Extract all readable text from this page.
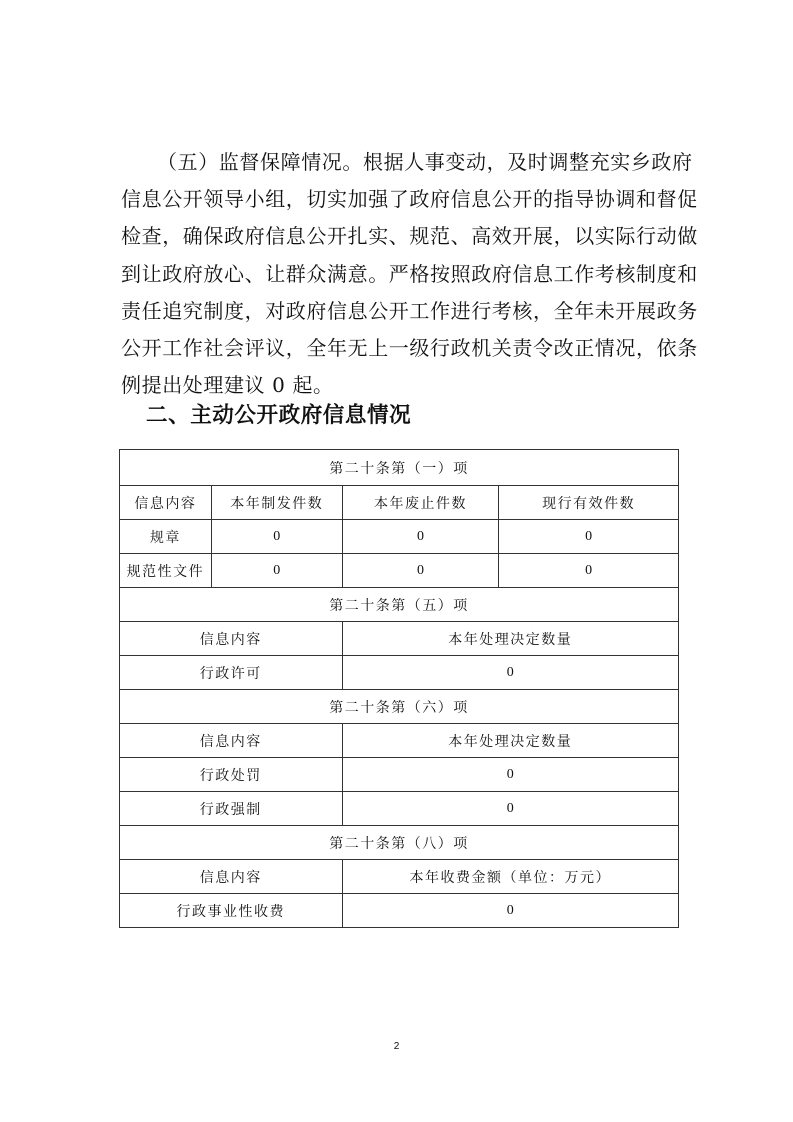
（五）监督保障情况。根据人事变动，及时调整充实乡政府
信息公开领导小组，切实加强了政府信息公开的指导协调和督促
检查，确保政府信息公开扎实、规范、高效开展，以实际行动做
到让政府放心、让群众满意。严格按照政府信息工作考核制度和
责任追究制度，对政府信息公开工作进行考核，全年未开展政务
公开工作社会评议，全年无上一级行政机关责令改正情况，依条
例提出处理建议 0 起。
二、主动公开政府信息情况
第二十条第（一）项			
信息内容	本年制发件数	本年废止件数	现行有效件数
规章	0	0	0
规范性文件	0	0	0
第二十条第（五）项			
信息内容		本年处理决定数量	
行政许可		0	
第二十条第（六）项			
信息内容		本年处理决定数量	
行政处罚		0	
行政强制		0	
第二十条第（八）项			
信息内容		本年收费金额（单位：万元）	
行政事业性收费		0	
2
